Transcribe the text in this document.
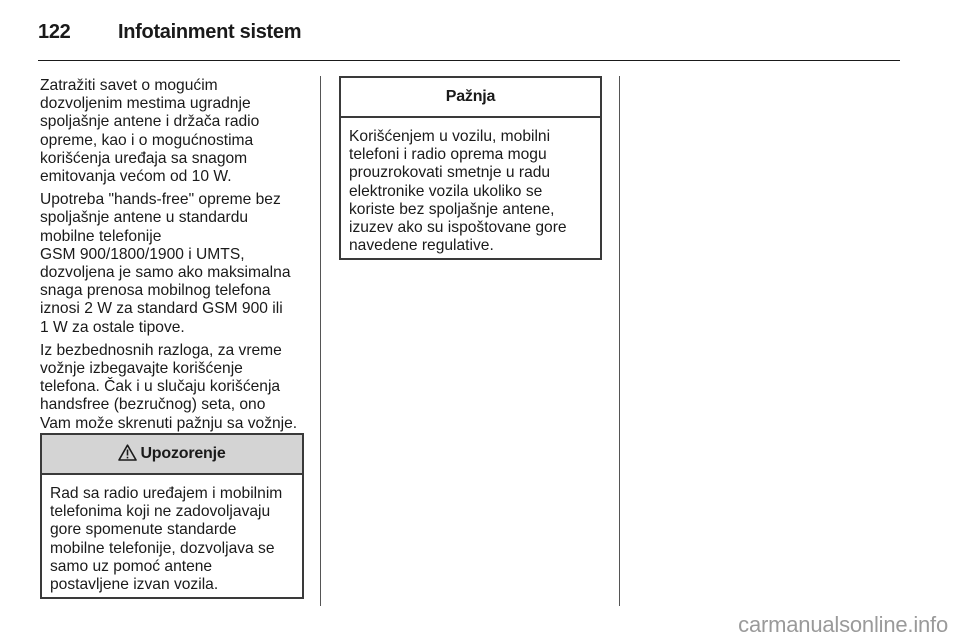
122 Infotainment sistem

Zatražiti savet o mogućim
dozvoljenim mestima ugradnje
spoljašnje antene i držača radio
opreme, kao i o mogućnostima
korišćenja uređaja sa snagom
emitovanja većom od 10 W.

Upotreba "hands-free" opreme bez
spoljašnje antene u standardu
mobilne telefonije
GSM 900/1800/1900 i UMTS,
dozvoljena je samo ako maksimalna
snaga prenosa mobilnog telefona
iznosi 2 W za standard GSM 900 ili
1 W za ostale tipove.

Iz bezbednosnih razloga, za vreme
vožnje izbegavajte korišćenje
telefona. Čak i u slučaju korišćenja
handsfree (bezručnog) seta, ono
Vam može skrenuti pažnju sa vožnje.

Upozorenje
Rad sa radio uređajem i mobilnim
telefonima koji ne zadovoljavaju
gore spomenute standarde
mobilne telefonije, dozvoljava se
samo uz pomoć antene
postavljene izvan vozila.
Pažnja
Korišćenjem u vozilu, mobilni
telefoni i radio oprema mogu
prouzrokovati smetnje u radu
elektronike vozila ukoliko se
koriste bez spoljašnje antene,
izuzev ako su ispoštovane gore
navedene regulative.
carmanualsonline.info
